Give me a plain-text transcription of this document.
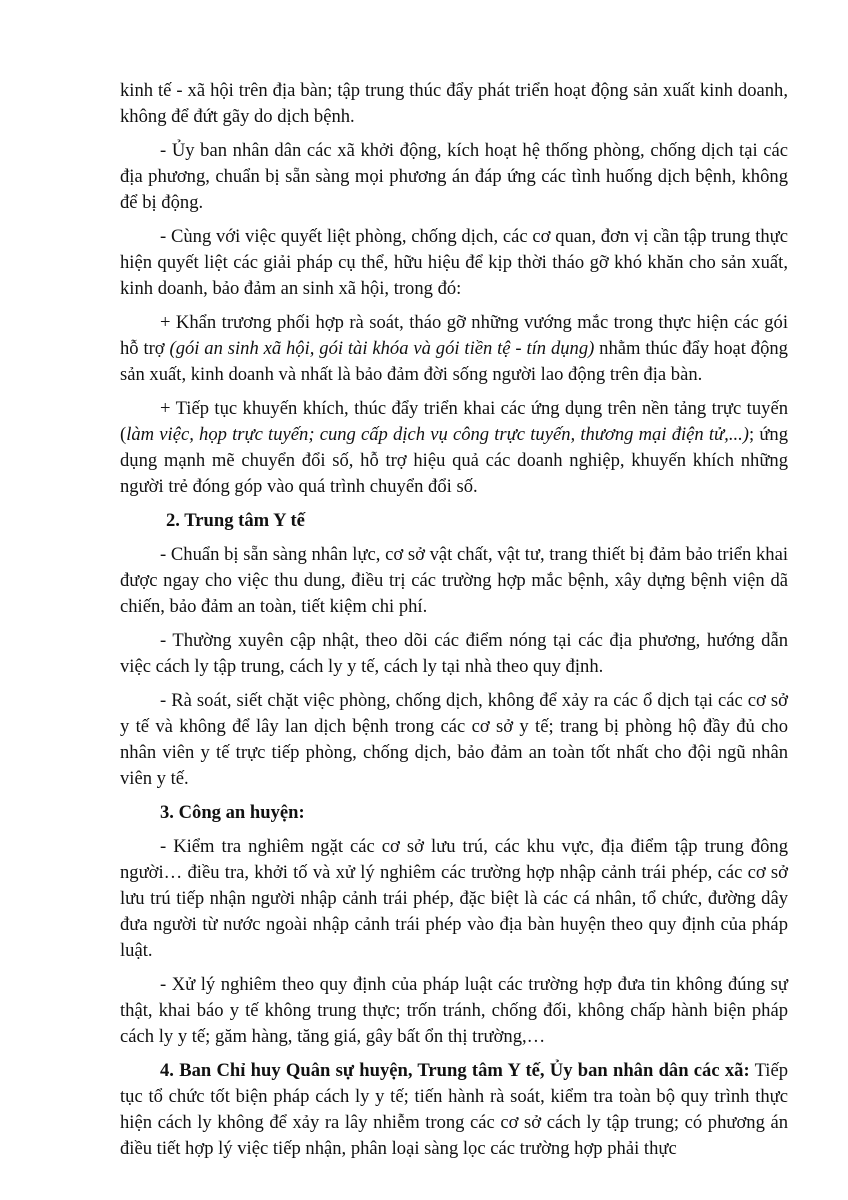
kinh tế - xã hội trên địa bàn; tập trung thúc đẩy phát triển hoạt động sản xuất kinh doanh, không để đứt gãy do dịch bệnh.

- Ủy ban nhân dân các xã khởi động, kích hoạt hệ thống phòng, chống dịch tại các địa phương, chuẩn bị sẵn sàng mọi phương án đáp ứng các tình huống dịch bệnh, không để bị động.

- Cùng với việc quyết liệt phòng, chống dịch, các cơ quan, đơn vị cần tập trung thực hiện quyết liệt các giải pháp cụ thể, hữu hiệu để kịp thời tháo gỡ khó khăn cho sản xuất, kinh doanh, bảo đảm an sinh xã hội, trong đó:

+ Khẩn trương phối hợp rà soát, tháo gỡ những vướng mắc trong thực hiện các gói hỗ trợ (gói an sinh xã hội, gói tài khóa và gói tiền tệ - tín dụng) nhằm thúc đẩy hoạt động sản xuất, kinh doanh và nhất là bảo đảm đời sống người lao động trên địa bàn.

+ Tiếp tục khuyến khích, thúc đẩy triển khai các ứng dụng trên nền tảng trực tuyến (làm việc, họp trực tuyến; cung cấp dịch vụ công trực tuyến, thương mại điện tử,...); ứng dụng mạnh mẽ chuyển đổi số, hỗ trợ hiệu quả các doanh nghiệp, khuyến khích những người trẻ đóng góp vào quá trình chuyển đổi số.

2. Trung tâm Y tế

- Chuẩn bị sẵn sàng nhân lực, cơ sở vật chất, vật tư, trang thiết bị đảm bảo triển khai được ngay cho việc thu dung, điều trị các trường hợp mắc bệnh, xây dựng bệnh viện dã chiến, bảo đảm an toàn, tiết kiệm chi phí.

- Thường xuyên cập nhật, theo dõi các điểm nóng tại các địa phương, hướng dẫn việc cách ly tập trung, cách ly y tế, cách ly tại nhà theo quy định.

- Rà soát, siết chặt việc phòng, chống dịch, không để xảy ra các ổ dịch tại các cơ sở y tế và không để lây lan dịch bệnh trong các cơ sở y tế; trang bị phòng hộ đầy đủ cho nhân viên y tế trực tiếp phòng, chống dịch, bảo đảm an toàn tốt nhất cho đội ngũ nhân viên y tế.

3. Công an huyện:

- Kiểm tra nghiêm ngặt các cơ sở lưu trú, các khu vực, địa điểm tập trung đông người… điều tra, khởi tố và xử lý nghiêm các trường hợp nhập cảnh trái phép, các cơ sở lưu trú tiếp nhận người nhập cảnh trái phép, đặc biệt là các cá nhân, tổ chức, đường dây đưa người từ nước ngoài nhập cảnh trái phép vào địa bàn huyện theo quy định của pháp luật.

- Xử lý nghiêm theo quy định của pháp luật các trường hợp đưa tin không đúng sự thật, khai báo y tế không trung thực; trốn tránh, chống đối, không chấp hành biện pháp cách ly y tế; găm hàng, tăng giá, gây bất ổn thị trường,…

4. Ban Chỉ huy Quân sự huyện, Trung tâm Y tế, Ủy ban nhân dân các xã: Tiếp tục tổ chức tốt biện pháp cách ly y tế; tiến hành rà soát, kiểm tra toàn bộ quy trình thực hiện cách ly không để xảy ra lây nhiễm trong các cơ sở cách ly tập trung; có phương án điều tiết hợp lý việc tiếp nhận, phân loại sàng lọc các trường hợp phải thực
